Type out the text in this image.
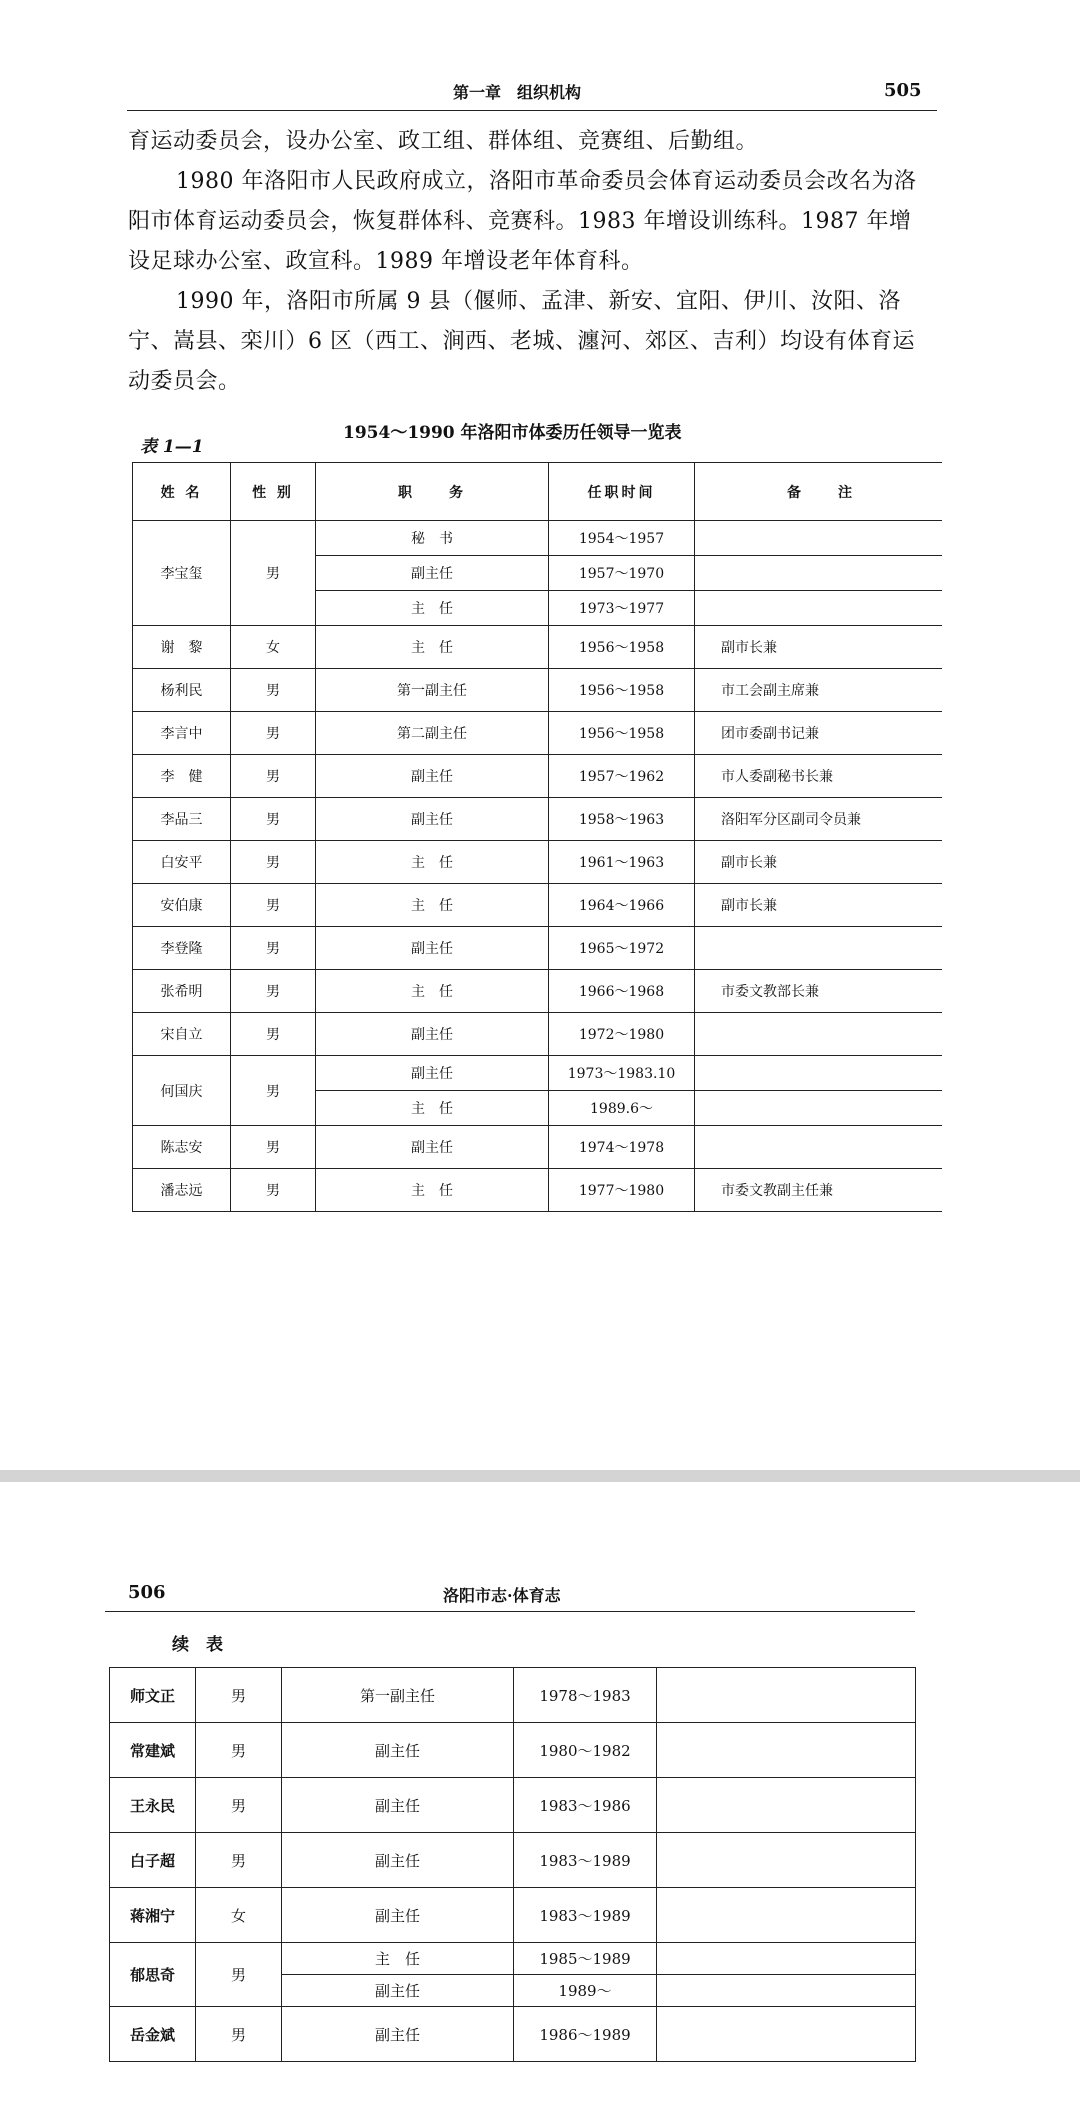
第一章　组织机构	505

育运动委员会，设办公室、政工组、群体组、竞赛组、后勤组。

1980 年洛阳市人民政府成立，洛阳市革命委员会体育运动委员会改名为洛阳市体育运动委员会，恢复群体科、竞赛科。1983 年增设训练科。1987 年增设足球办公室、政宣科。1989 年增设老年体育科。

1990 年，洛阳市所属 9 县（偃师、孟津、新安、宜阳、伊川、汝阳、洛宁、嵩县、栾川）6 区（西工、涧西、老城、瀍河、郊区、吉利）均设有体育运动委员会。

1954～1990 年洛阳市体委历任领导一览表
表 1—1
姓 名	性 别	职　　务	任职时间	备　　注
李宝玺	男	秘　书	1954～1957	
		副主任	1957～1970	
		主　任	1973～1977	
谢　黎	女	主　任	1956～1958	副市长兼
杨利民	男	第一副主任	1956～1958	市工会副主席兼
李言中	男	第二副主任	1956～1958	团市委副书记兼
李　健	男	副主任	1957～1962	市人委副秘书长兼
李品三	男	副主任	1958～1963	洛阳军分区副司令员兼
白安平	男	主　任	1961～1963	副市长兼
安伯康	男	主　任	1964～1966	副市长兼
李登隆	男	副主任	1965～1972	
张希明	男	主　任	1966～1968	市委文教部长兼
宋自立	男	副主任	1972～1980	
何国庆	男	副主任	1973～1983.10	
		主　任	1989.6～	
陈志安	男	副主任	1974～1978	
潘志远	男	主　任	1977～1980	市委文教副主任兼
506	洛阳市志·体育志
续　表
师文正	男	第一副主任	1978～1983	
常建斌	男	副主任	1980～1982	
王永民	男	副主任	1983～1986	
白子超	男	副主任	1983～1989	
蒋湘宁	女	副主任	1983～1989	
郁思奇	男	主　任	1985～1989	
		副主任	1989～	
岳金斌	男	副主任	1986～1989	
